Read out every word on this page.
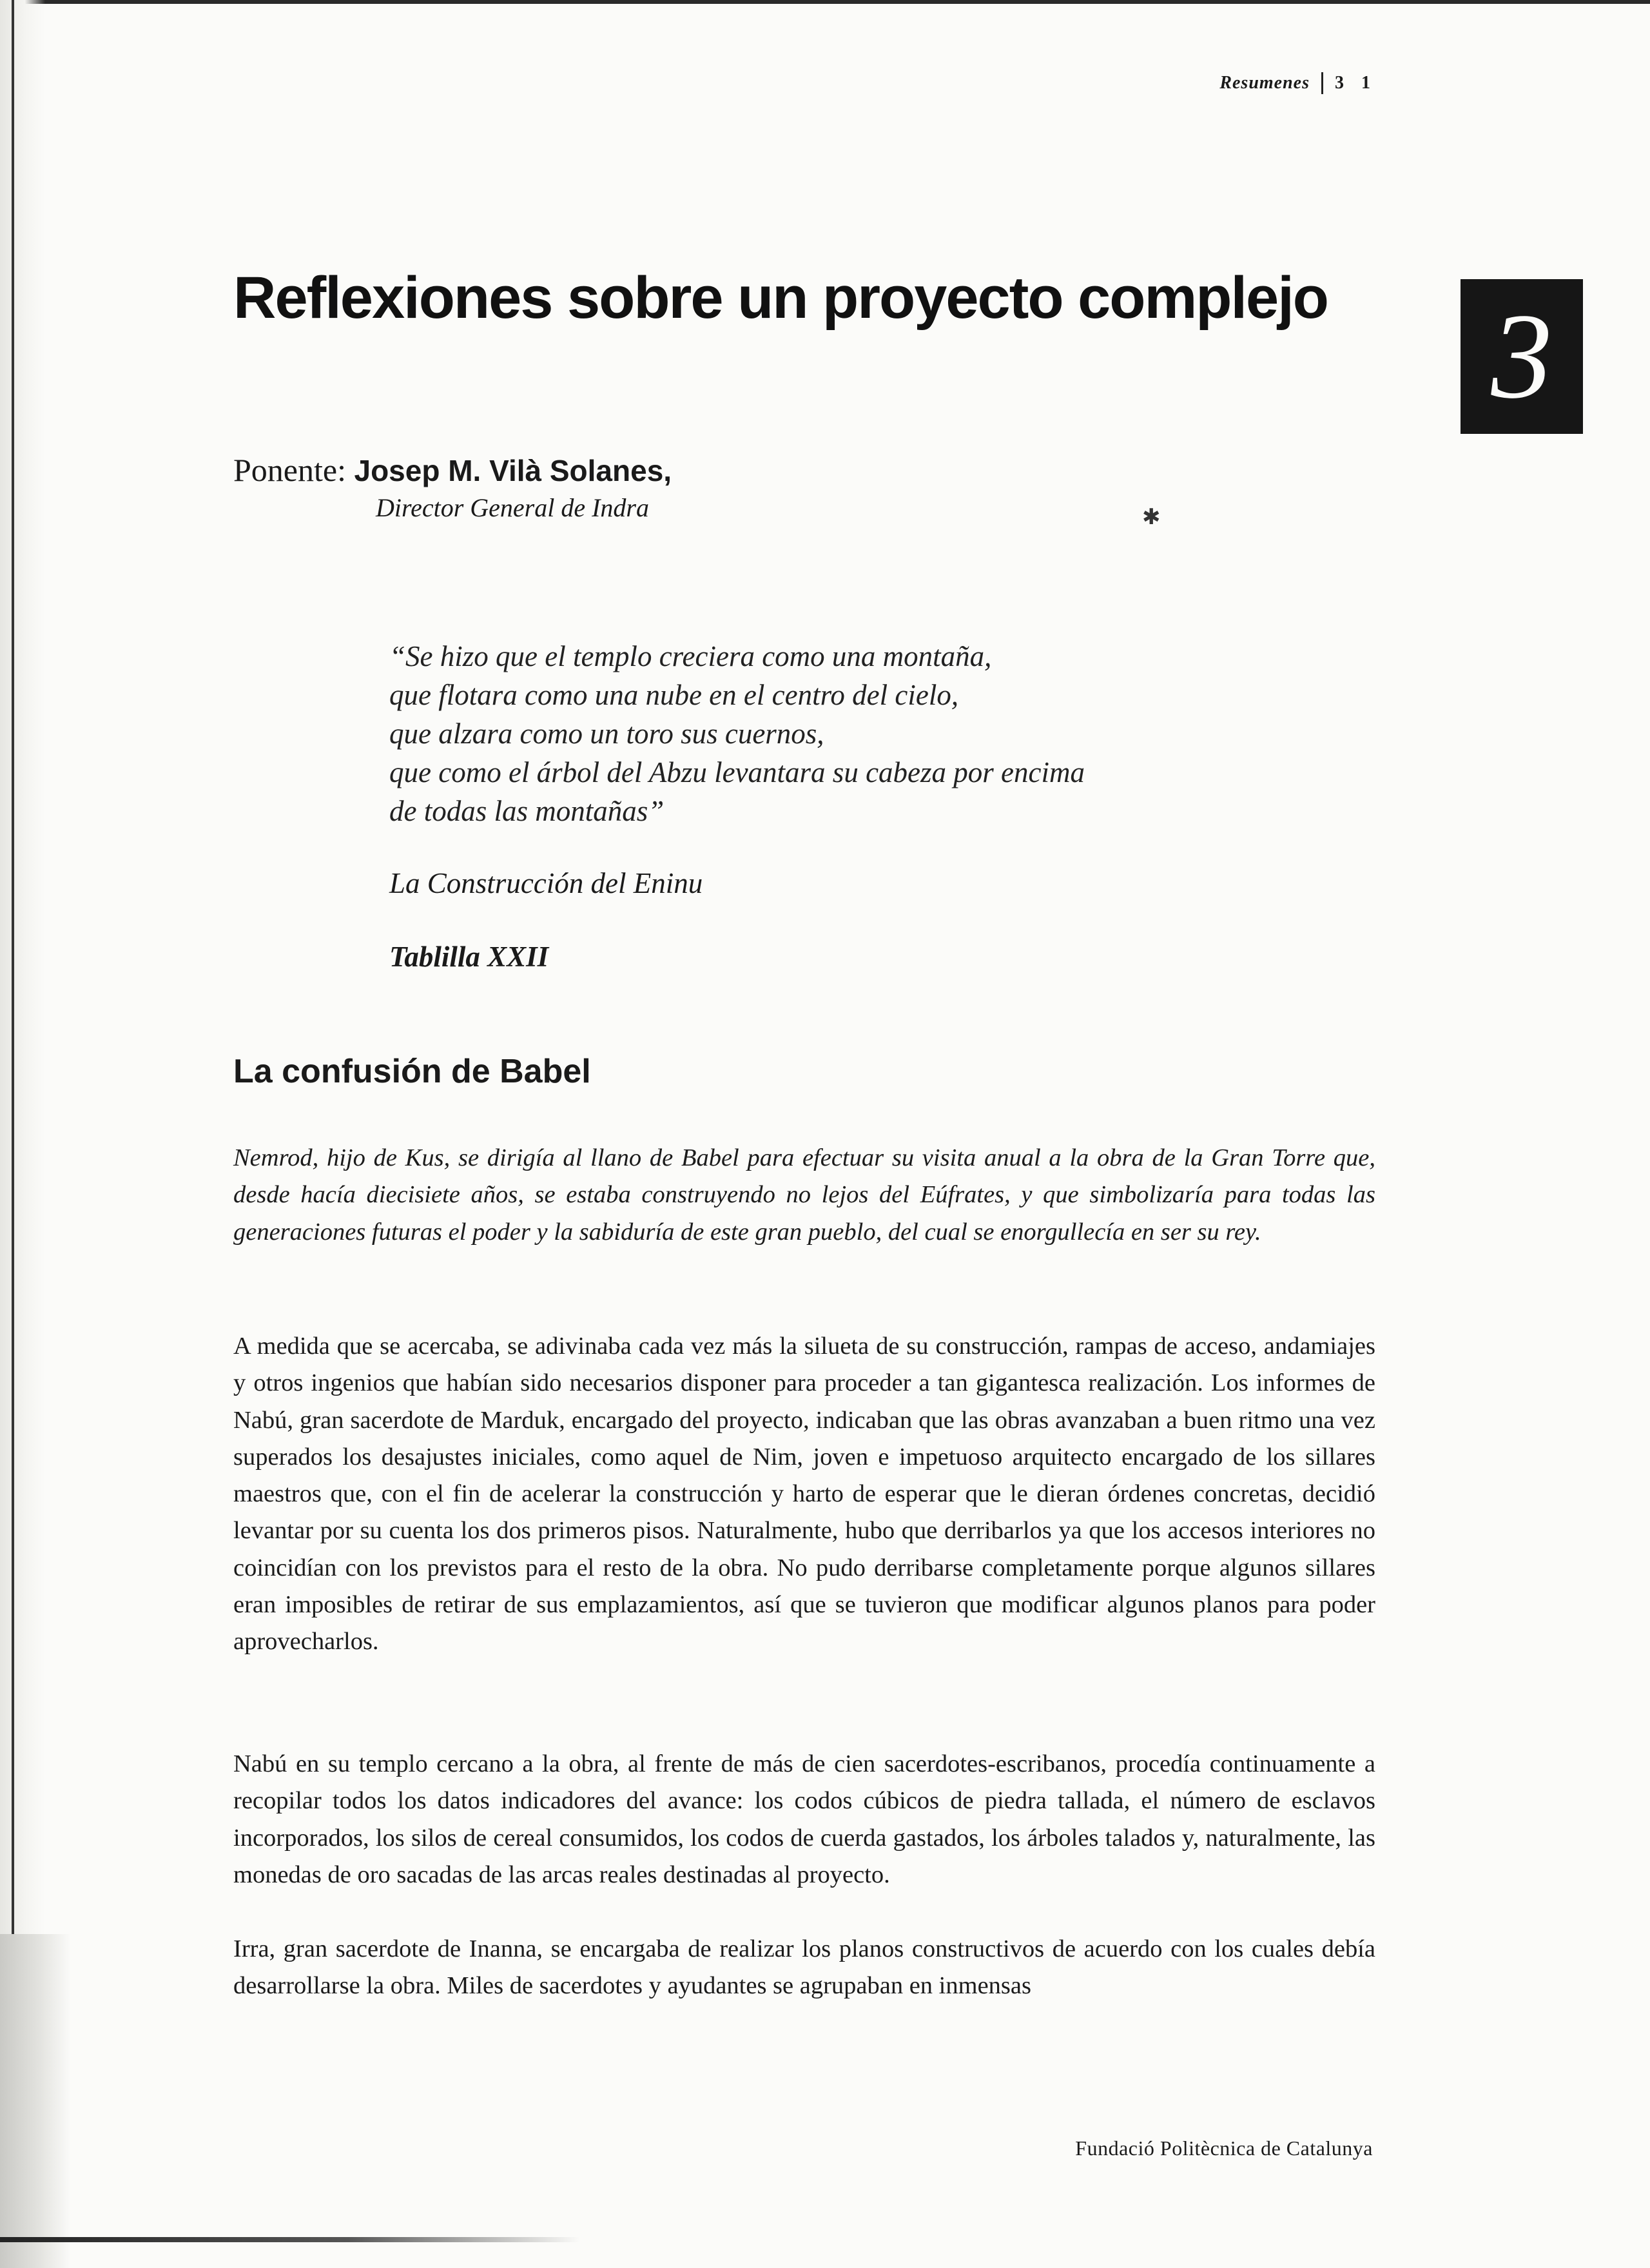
Resumenes 3 1
3
Reflexiones sobre un proyecto complejo
Ponente: Josep M. Vilà Solanes,
Director General de Indra	✱
“Se hizo que el templo creciera como una montaña,
que flotara como una nube en el centro del cielo,
que alzara como un toro sus cuernos,
que como el árbol del Abzu levantara su cabeza por encima
de todas las montañas”
La Construcción del Eninu
Tablilla XXII
La confusión de Babel

Nemrod, hijo de Kus, se dirigía al llano de Babel para efectuar su visita anual a la obra de la Gran Torre que, desde hacía diecisiete años, se estaba construyendo no lejos del Eúfrates, y que simbolizaría para todas las generaciones futuras el poder y la sabiduría de este gran pueblo, del cual se enorgullecía en ser su rey.

A medida que se acercaba, se adivinaba cada vez más la silueta de su construcción, rampas de acceso, andamiajes y otros ingenios que habían sido necesarios disponer para proceder a tan gigantesca realización. Los informes de Nabú, gran sacerdote de Marduk, encargado del proyecto, indicaban que las obras avanzaban a buen ritmo una vez superados los desajustes iniciales, como aquel de Nim, joven e impetuoso arquitecto encargado de los sillares maestros que, con el fin de acelerar la construcción y harto de esperar que le dieran órdenes concretas, decidió levantar por su cuenta los dos primeros pisos. Naturalmente, hubo que derribarlos ya que los accesos interiores no coincidían con los previstos para el resto de la obra. No pudo derribarse completamente porque algunos sillares eran imposibles de retirar de sus emplazamientos, así que se tuvieron que modificar algunos planos para poder aprovecharlos.

Nabú en su templo cercano a la obra, al frente de más de cien sacerdotes-escribanos, procedía continuamente a recopilar todos los datos indicadores del avance: los codos cúbicos de piedra tallada, el número de esclavos incorporados, los silos de cereal consumidos, los codos de cuerda gastados, los árboles talados y, naturalmente, las monedas de oro sacadas de las arcas reales destinadas al proyecto.

Irra, gran sacerdote de Inanna, se encargaba de realizar los planos constructivos de acuerdo con los cuales debía desarrollarse la obra. Miles de sacerdotes y ayudantes se agrupaban en inmensas

Fundació Politècnica de Catalunya
